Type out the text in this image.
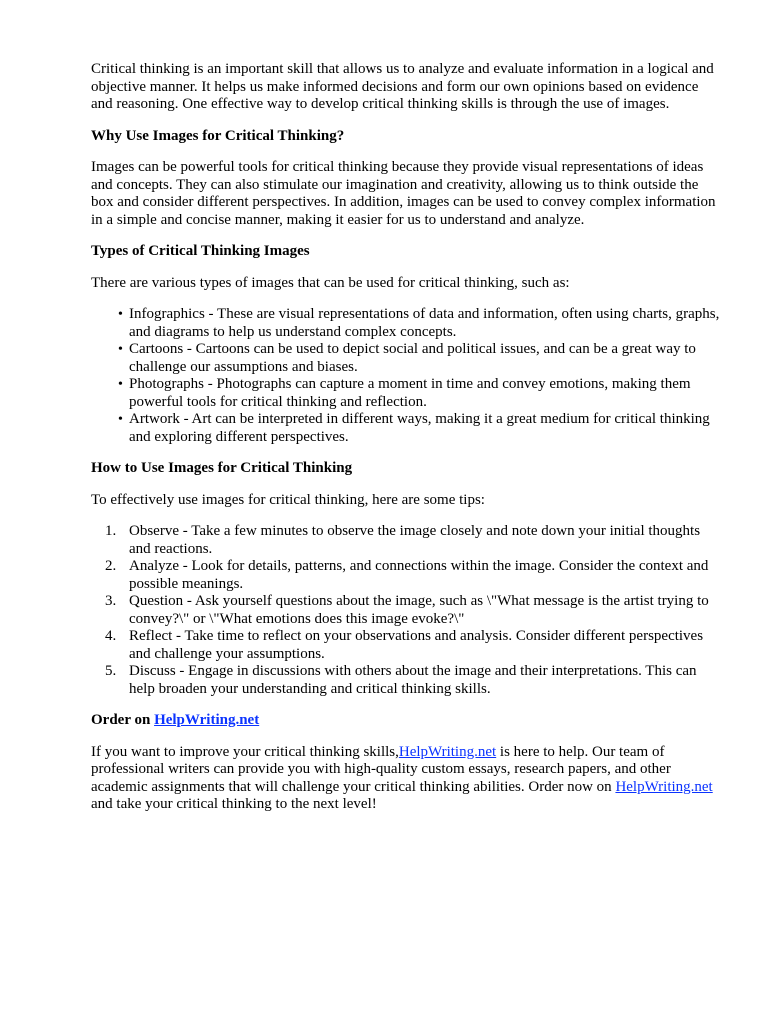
Critical thinking is an important skill that allows us to analyze and evaluate information in a logical and objective manner. It helps us make informed decisions and form our own opinions based on evidence and reasoning. One effective way to develop critical thinking skills is through the use of images.

Why Use Images for Critical Thinking?

Images can be powerful tools for critical thinking because they provide visual representations of ideas and concepts. They can also stimulate our imagination and creativity, allowing us to think outside the box and consider different perspectives. In addition, images can be used to convey complex information in a simple and concise manner, making it easier for us to understand and analyze.

Types of Critical Thinking Images

There are various types of images that can be used for critical thinking, such as:

• Infographics - These are visual representations of data and information, often using charts, graphs, and diagrams to help us understand complex concepts.
• Cartoons - Cartoons can be used to depict social and political issues, and can be a great way to challenge our assumptions and biases.
• Photographs - Photographs can capture a moment in time and convey emotions, making them powerful tools for critical thinking and reflection.
• Artwork - Art can be interpreted in different ways, making it a great medium for critical thinking and exploring different perspectives.
How to Use Images for Critical Thinking

To effectively use images for critical thinking, here are some tips:

1. Observe - Take a few minutes to observe the image closely and note down your initial thoughts and reactions.
2. Analyze - Look for details, patterns, and connections within the image. Consider the context and possible meanings.
3. Question - Ask yourself questions about the image, such as \"What message is the artist trying to convey?\" or \"What emotions does this image evoke?\"
4. Reflect - Take time to reflect on your observations and analysis. Consider different perspectives and challenge your assumptions.
5. Discuss - Engage in discussions with others about the image and their interpretations. This can help broaden your understanding and critical thinking skills.
Order on HelpWriting.net

If you want to improve your critical thinking skills,HelpWriting.net is here to help. Our team of professional writers can provide you with high-quality custom essays, research papers, and other academic assignments that will challenge your critical thinking abilities. Order now on HelpWriting.net and take your critical thinking to the next level!
